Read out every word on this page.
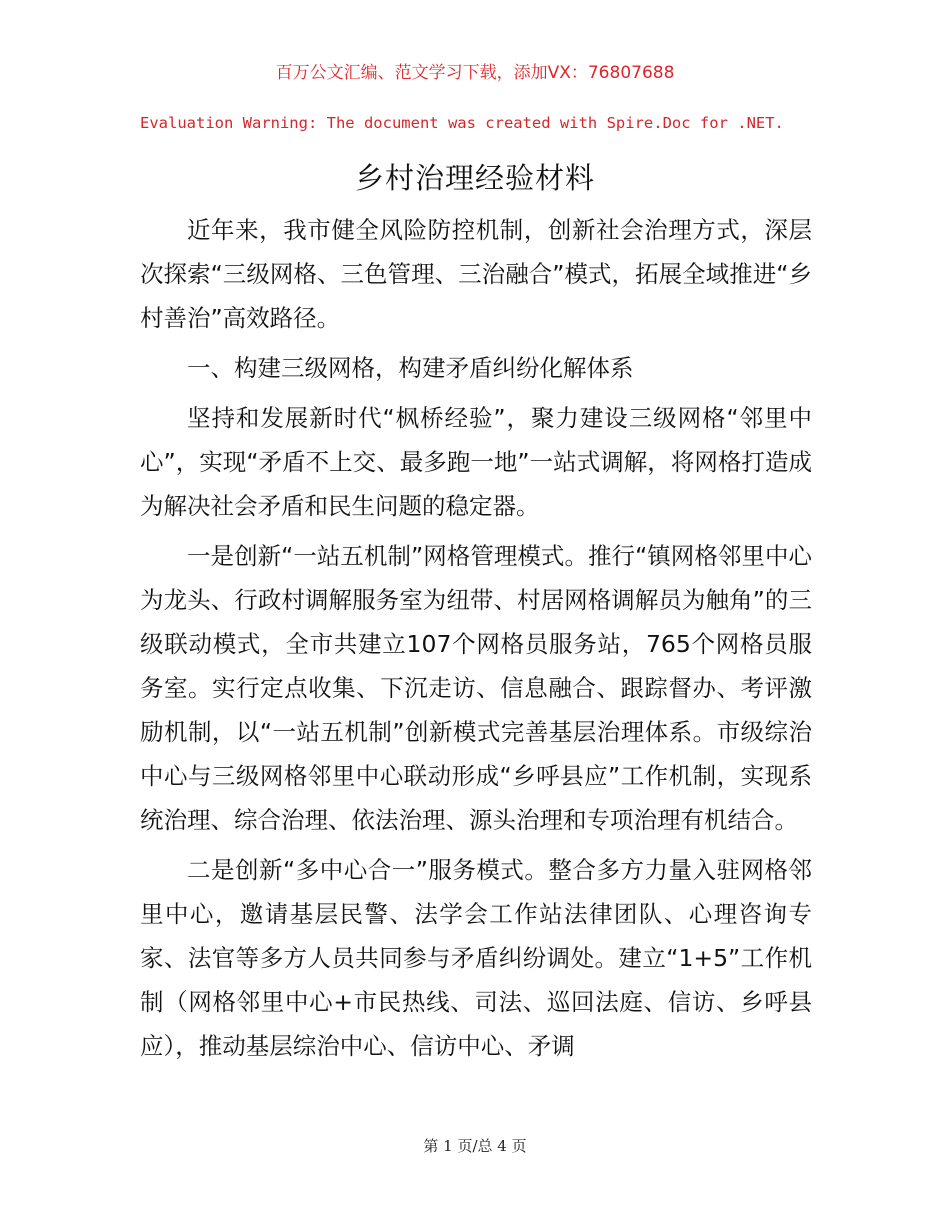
百万公文汇编、范文学习下载，添加VX：76807688
Evaluation Warning: The document was created with Spire.Doc for .NET.
乡村治理经验材料

近年来，我市健全风险防控机制，创新社会治理方式，深层次探索“三级网格、三色管理、三治融合”模式，拓展全域推进“乡村善治”高效路径。

一、构建三级网格，构建矛盾纠纷化解体系

坚持和发展新时代“枫桥经验”，聚力建设三级网格“邻里中心”，实现“矛盾不上交、最多跑一地”一站式调解，将网格打造成为解决社会矛盾和民生问题的稳定器。

一是创新“一站五机制”网格管理模式。推行“镇网格邻里中心为龙头、行政村调解服务室为纽带、村居网格调解员为触角”的三级联动模式，全市共建立107个网格员服务站，765个网格员服务室。实行定点收集、下沉走访、信息融合、跟踪督办、考评激励机制，以“一站五机制”创新模式完善基层治理体系。市级综治中心与三级网格邻里中心联动形成“乡呼县应”工作机制，实现系统治理、综合治理、依法治理、源头治理和专项治理有机结合。

二是创新“多中心合一”服务模式。整合多方力量入驻网格邻里中心，邀请基层民警、法学会工作站法律团队、心理咨询专家、法官等多方人员共同参与矛盾纠纷调处。建立“1+5”工作机制（网格邻里中心+市民热线、司法、巡回法庭、信访、乡呼县应），推动基层综治中心、信访中心、矛调

第 1 页/总 4 页
